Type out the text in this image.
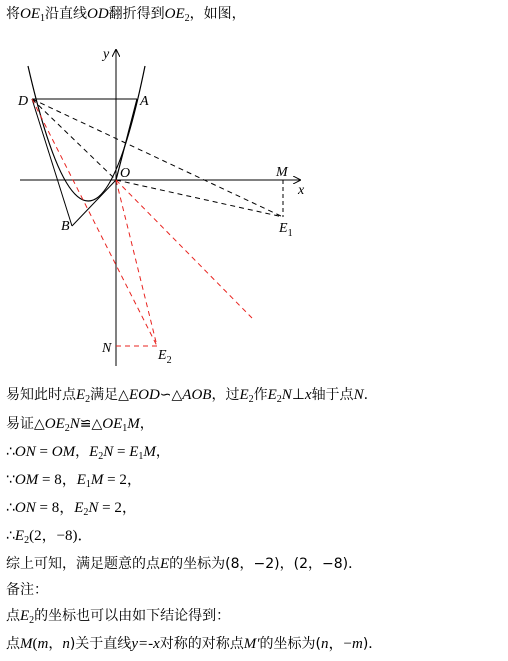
将$OE_1$沿直线OD翻折得到$OE_2$，如图，
y
x
D	A
O	M
B	$E_1$
N	$E_2$
易知此时点$E_2$满足△EOD∽△AOB，过$E_2$作$E_2N\perp x$轴于点N.
易证$\triangle OE_2N≌\triangle OE_1M$，
∴ON = OM，$E_2N = E_1M$，
∵OM = 8，$E_1M = 2$，
∴ON = 8，$E_2N = 2$，
$\therefore E_2(2$，−8)．
综上可知，满足题意的点E的坐标为(8，−2)，(2，−8)．
备注：
点$E_2$的坐标也可以由如下结论得到：
点M(m，n)关于直线y=-x对称的对称点M′的坐标为(n，−m)．
